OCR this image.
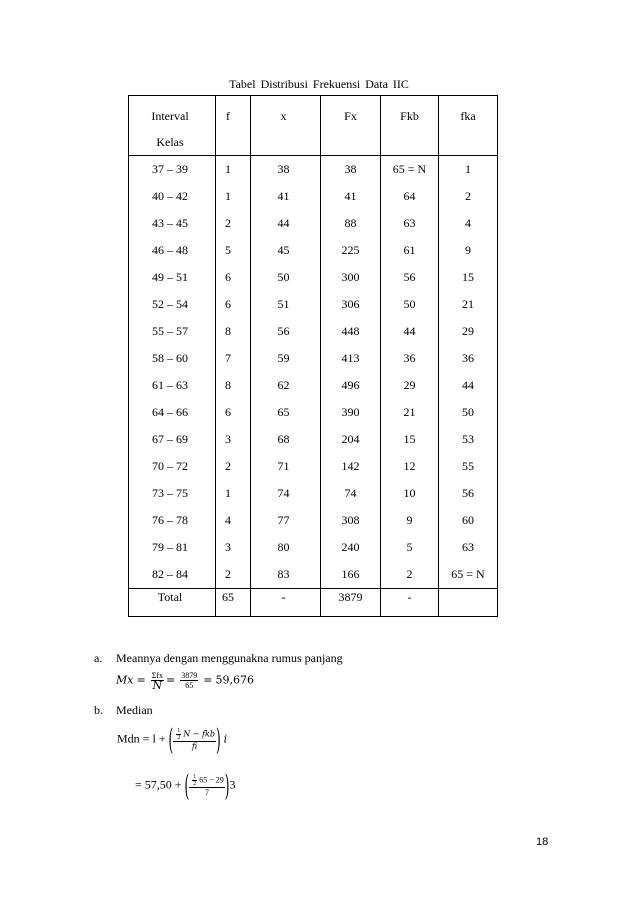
Tabel Distribusi Frekuensi Data IIC
Interval
Kelas	f	x	Fx	Fkb	fka
37 – 39	1	38	38	65 = N	1
40 – 42	1	41	41	64	2
43 – 45	2	44	88	63	4
46 – 48	5	45	225	61	9
49 – 51	6	50	300	56	15
52 – 54	6	51	306	50	21
55 – 57	8	56	448	44	29
58 – 60	7	59	413	36	36
61 – 63	8	62	496	29	44
64 – 66	6	65	390	21	50
67 – 69	3	68	204	15	53
70 – 72	2	71	142	12	55
73 – 75	1	74	74	10	56
76 – 78	4	77	308	9	60
79 – 81	3	80	240	5	63
82 – 84	2	83	166	2	65 = N
Total	65	-	3879	-	
a. Meannya dengan menggunakna rumus panjang
$Mx = \frac{\text{Σfx}}{N} = \frac{3879}{65} = 59,676$
b. Median
Mdn = l + ( $\frac{\frac{1}{2} N - fkb}{fi}$ ) i
= 57,50 + ( $\frac{\frac{1}{2} 65 - 29}{7} )3$
18
